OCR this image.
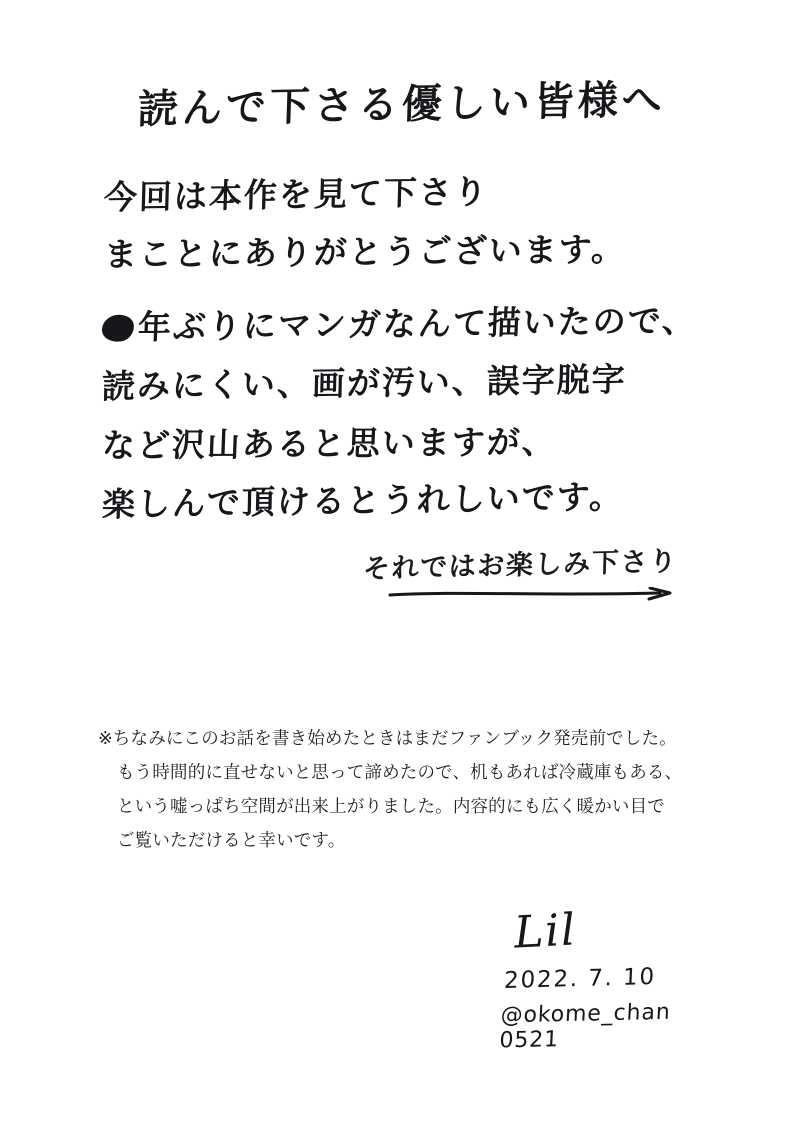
読んで下さる優しい皆様へ
今回は本作を見て下さり
まことにありがとうございます。
年ぶりにマンガなんて描いたので、
読みにくい、画が汚い、誤字脱字
など沢山あると思いますが、
楽しんで頂けるとうれしいです。
それではお楽しみ下さり

※ちなみにこのお話を書き始めたときはまだファンブック発売前でした。

もう時間的に直せないと思って諦めたので、机もあれば冷蔵庫もある、

という嘘っぱち空間が出来上がりました。内容的にも広く暖かい目で

ご覧いただけると幸いです。

Lil
2022. 7. 10
@okome_chan 0521
